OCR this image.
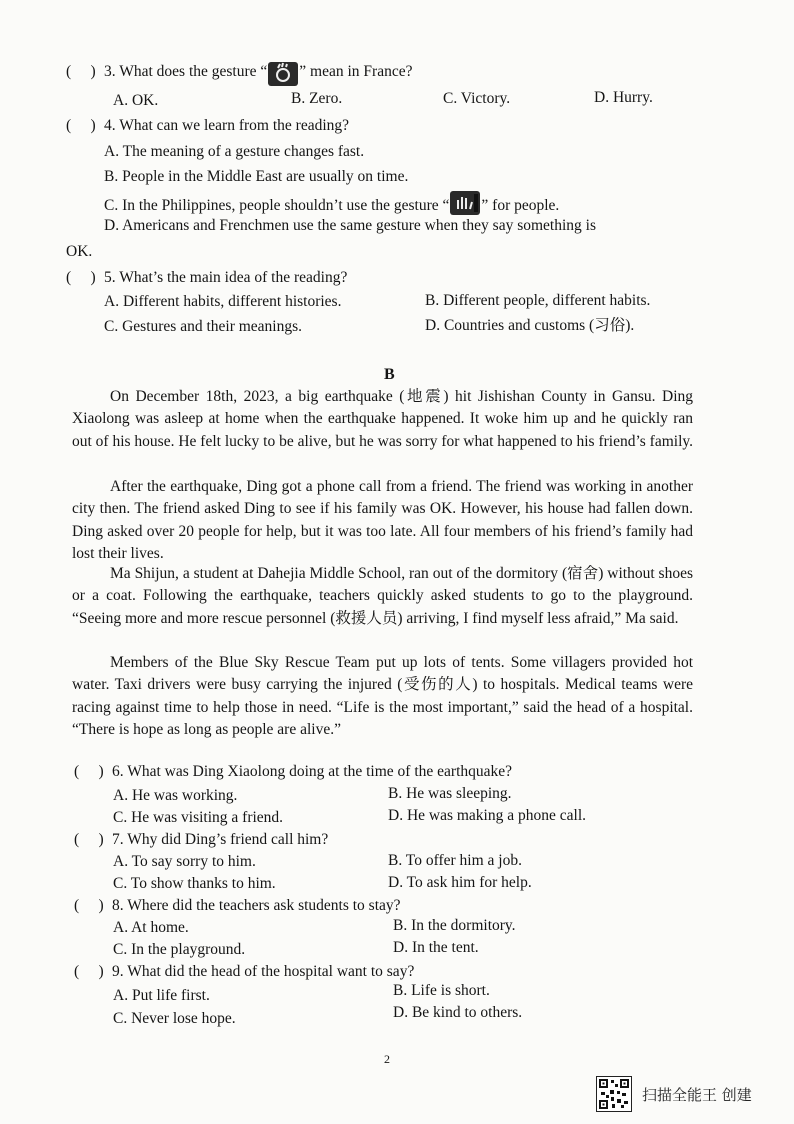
( ) 3. What does the gesture “ ” mean in France?
A. OK.	B. Zero.	C. Victory.	D. Hurry.
( ) 4. What can we learn from the reading?
A. The meaning of a gesture changes fast.
B. People in the Middle East are usually on time.
C. In the Philippines, people shouldn’t use the gesture “ ” for people.
D. Americans and Frenchmen use the same gesture when they say something is
OK.
( ) 5. What’s the main idea of the reading?
A. Different habits, different histories.	B. Different people, different habits.
C. Gestures and their meanings.	D. Countries and customs (习俗).
B
On December 18th, 2023, a big earthquake (地震) hit Jishishan County in Gansu. Ding Xiaolong was asleep at home when the earthquake happened. It woke him up and he quickly ran out of his house. He felt lucky to be alive, but he was sorry for what happened to his friend’s family.
After the earthquake, Ding got a phone call from a friend. The friend was working in another city then. The friend asked Ding to see if his family was OK. However, his house had fallen down. Ding asked over 20 people for help, but it was too late. All four members of his friend’s family had lost their lives.
Ma Shijun, a student at Dahejia Middle School, ran out of the dormitory (宿舍) without shoes or a coat. Following the earthquake, teachers quickly asked students to go to the playground. “Seeing more and more rescue personnel (救援人员) arriving, I find myself less afraid,” Ma said.
Members of the Blue Sky Rescue Team put up lots of tents. Some villagers provided hot water. Taxi drivers were busy carrying the injured (受伤的人) to hospitals. Medical teams were racing against time to help those in need. “Life is the most important,” said the head of a hospital. “There is hope as long as people are alive.”
( ) 6. What was Ding Xiaolong doing at the time of the earthquake?
A. He was working.	B. He was sleeping.
C. He was visiting a friend.	D. He was making a phone call.
( ) 7. Why did Ding’s friend call him?
A. To say sorry to him.	B. To offer him a job.
C. To show thanks to him.	D. To ask him for help.
( ) 8. Where did the teachers ask students to stay?
A. At home.	B. In the dormitory.
C. In the playground.	D. In the tent.
( ) 9. What did the head of the hospital want to say?
A. Put life first.	B. Life is short.
C. Never lose hope.	D. Be kind to others.
2
扫描全能王 创建
